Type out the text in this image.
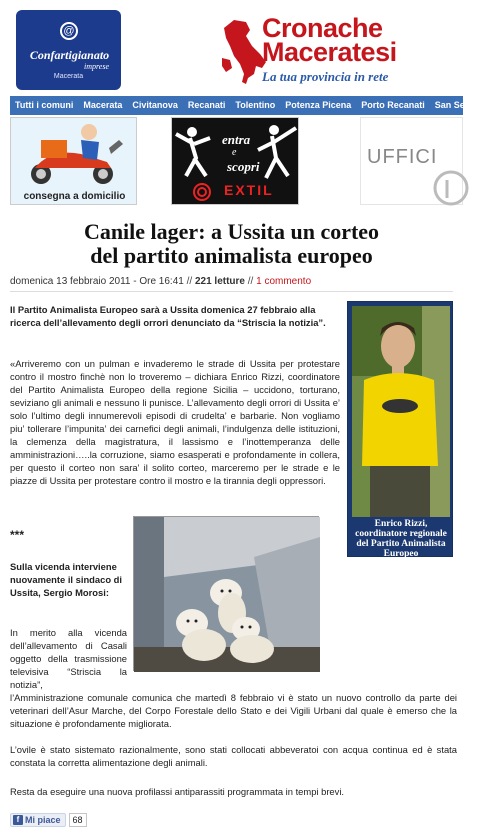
@
Confartigianato
imprese
Macerata
Cronache
Maceratesi
La tua provincia in rete
Tutti i comuni	Macerata	Civitanova	Recanati	Tolentino	Potenza Picena	Porto Recanati	San Severino
consegna a domicilio
entra
e
scopri
EXTIL
UFFICI
Canile lager: a Ussita un corteo
del partito animalista europeo
domenica 13 febbraio 2011 - Ore 16:41 // 221 letture // 1 commento
Il Partito Animalista Europeo sarà a Ussita domenica 27 febbraio alla ricerca dell’allevamento degli orrori denunciato da “Striscia la notizia”.
«Arriveremo con un pulman e invaderemo le strade di Ussita per protestare contro il mostro finchè non lo troveremo – dichiara Enrico Rizzi, coordinatore del Partito Animalista Europeo della regione Sicilia – uccidono, torturano, seviziano gli animali e nessuno li punisce. L’allevamento degli orrori di Ussita e’ solo l’ultimo degli innumerevoli episodi di crudelta’ e barbarie. Non vogliamo piu’ tollerare l’impunita’ dei carnefici degli animali, l’indulgenza delle istituzioni, la clemenza della magistratura, il lassismo e l’inottemperanza delle amministrazioni…..la corruzione, siamo esasperati e profondamente in collera, per questo il corteo non sara’ il solito corteo, marceremo per le strade e le piazze di Ussita per protestare contro il mostro e la tirannia degli oppressori.
Enrico Rizzi, coordinatore regionale del Partito Animalista Europeo
***
Sulla vicenda interviene nuovamente il sindaco di Ussita, Sergio Morosi:
In merito alla vicenda dell’allevamento di Casali oggetto della trasmissione televisiva “Striscia la notizia”,
l’Amministrazione comunale comunica che martedì 8 febbraio vi è stato un nuovo controllo da parte dei veterinari dell’Asur Marche, del Corpo Forestale dello Stato e dei Vigili Urbani dal quale è emerso che la situazione è profondamente migliorata.
L’ovile è stato sistemato razionalmente, sono stati collocati abbeveratoi con acqua continua ed è stata constata la corretta alimentazione degli animali.
Resta da eseguire una nuova profilassi antiparassiti programmata in tempi brevi.
f Mi piace	68
